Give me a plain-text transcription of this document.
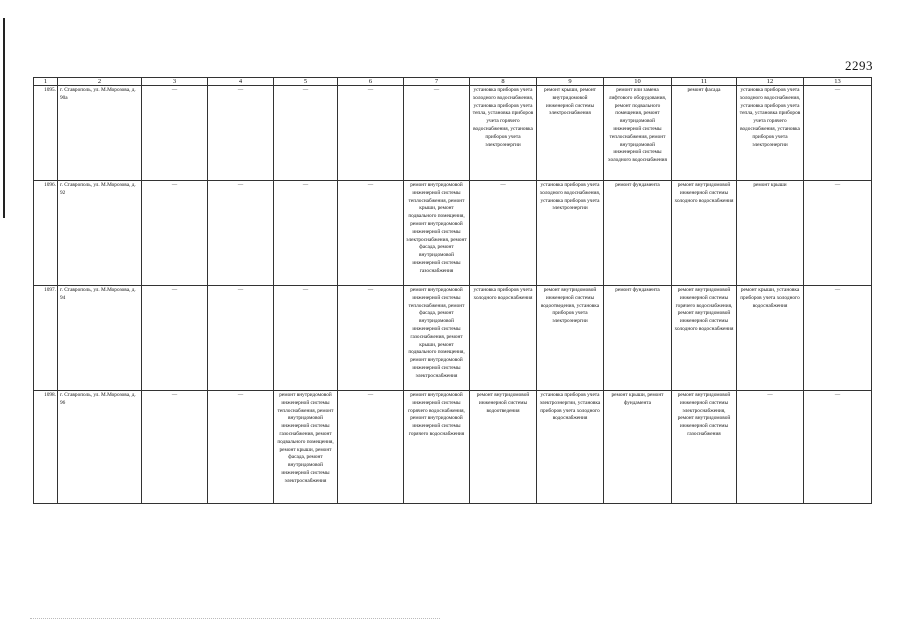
2293
1	2	3	4	5	6	7	8	9	10	11	12	13
1095.	г. Ставрополь, ул. М.Морозова, д. 90а	—	—	—	—	—	установка приборов учета холодного водоснабжения, установка приборов учета тепла, установка приборов учета горячего водоснабжения, установка приборов учета электроэнергии	ремонт крыши, ремонт внутридомовой инженерной системы электроснабжения	ремонт или замена лифтового оборудования, ремонт подвального помещения, ремонт внутридомовой инженерной системы теплоснабжения, ремонт внутридомовой инженерной системы холодного водоснабжения	ремонт фасада	установка приборов учета холодного водоснабжения, установка приборов учета тепла, установка приборов учета горячего водоснабжения, установка приборов учета электроэнергии	—
1096.	г. Ставрополь, ул. М.Морозова, д. 92	—	—	—	—	ремонт внутридомовой инженерной системы теплоснабжения, ремонт крыши, ремонт подвального помещения, ремонт внутридомовой инженерной системы электроснабжения, ремонт фасада, ремонт внутридомовой инженерной системы газоснабжения	—	установка приборов учета холодного водоснабжения, установка приборов учета электроэнергии	ремонт фундамента	ремонт внутридомовой инженерной системы холодного водоснабжения	ремонт крыши	—
1097.	г. Ставрополь, ул. М.Морозова, д. 94	—	—	—	—	ремонт внутридомовой инженерной системы теплоснабжения, ремонт фасада, ремонт внутридомовой инженерной системы газоснабжения, ремонт крыши, ремонт подвального помещения, ремонт внутридомовой инженерной системы электроснабжения	установка приборов учета холодного водоснабжения	ремонт внутридомовой инженерной системы водоотведения, установка приборов учета электроэнергии	ремонт фундамента	ремонт внутридомовой инженерной системы горячего водоснабжения, ремонт внутридомовой инженерной системы холодного водоснабжения	ремонт крыши, установка приборов учета холодного водоснабжения	—
1098.	г. Ставрополь, ул. М.Морозова, д. 96	—	—	ремонт внутридомовой инженерной системы теплоснабжения, ремонт внутридомовой инженерной системы газоснабжения, ремонт подвального помещения, ремонт крыши, ремонт фасада, ремонт внутридомовой инженерной системы электроснабжения	—	ремонт внутридомовой инженерной системы горячего водоснабжения, ремонт внутридомовой инженерной системы горячего водоснабжения	ремонт внутридомовой инженерной системы водоотведения	установка приборов учета электроэнергии, установка приборов учета холодного водоснабжения	ремонт крыши, ремонт фундамента	ремонт внутридомовой инженерной системы электроснабжения, ремонт внутридомовой инженерной системы газоснабжения	—	—
